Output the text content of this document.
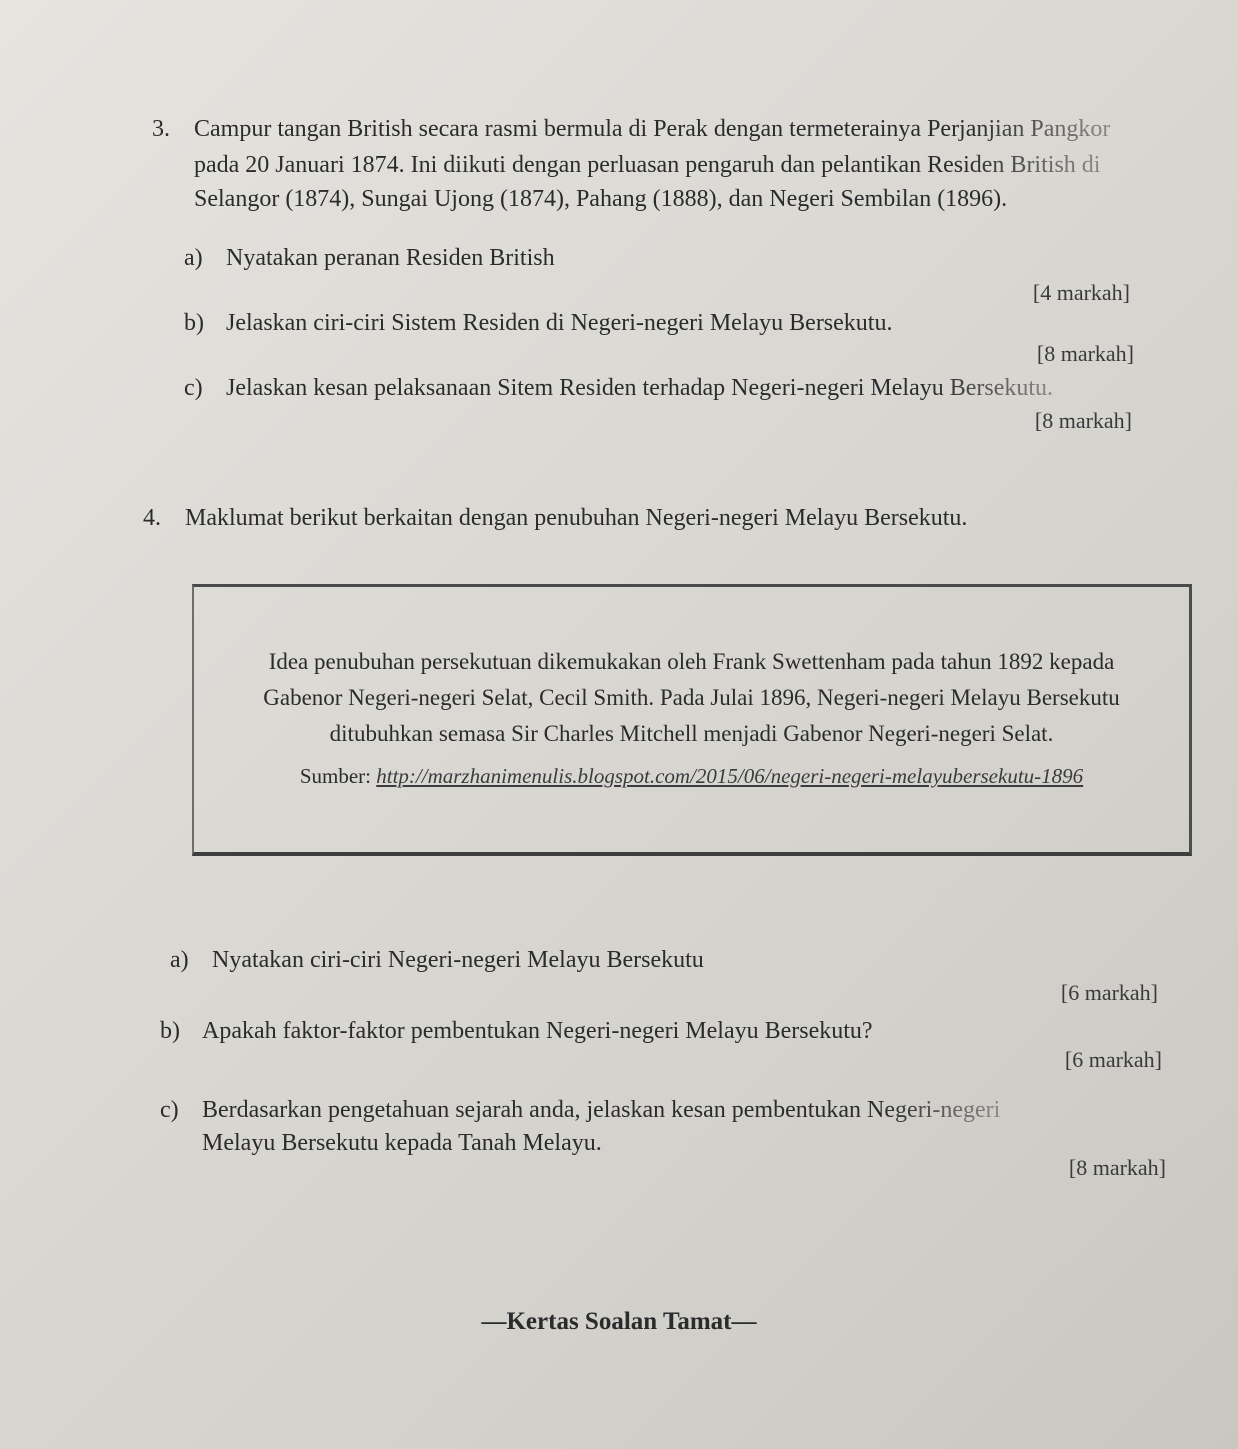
3. Campur tangan British secara rasmi bermula di Perak dengan termeterainya Perjanjian Pangkor
pada 20 Januari 1874. Ini diikuti dengan perluasan pengaruh dan pelantikan Residen British di
Selangor (1874), Sungai Ujong (1874), Pahang (1888), dan Negeri Sembilan (1896).
a) Nyatakan peranan Residen British
[4 markah]
b) Jelaskan ciri-ciri Sistem Residen di Negeri-negeri Melayu Bersekutu.
[8 markah]
c) Jelaskan kesan pelaksanaan Sitem Residen terhadap Negeri-negeri Melayu Bersekutu.
[8 markah]
4. Maklumat berikut berkaitan dengan penubuhan Negeri-negeri Melayu Bersekutu.
Idea penubuhan persekutuan dikemukakan oleh Frank Swettenham pada tahun 1892 kepada
Gabenor Negeri-negeri Selat, Cecil Smith. Pada Julai 1896, Negeri-negeri Melayu Bersekutu
ditubuhkan semasa Sir Charles Mitchell menjadi Gabenor Negeri-negeri Selat.
Sumber: http://marzhanimenulis.blogspot.com/2015/06/negeri-negeri-melayubersekutu-1896
a) Nyatakan ciri-ciri Negeri-negeri Melayu Bersekutu
[6 markah]
b) Apakah faktor-faktor pembentukan Negeri-negeri Melayu Bersekutu?
[6 markah]
c) Berdasarkan pengetahuan sejarah anda, jelaskan kesan pembentukan Negeri-negeri
Melayu Bersekutu kepada Tanah Melayu.
[8 markah]
—Kertas Soalan Tamat—
